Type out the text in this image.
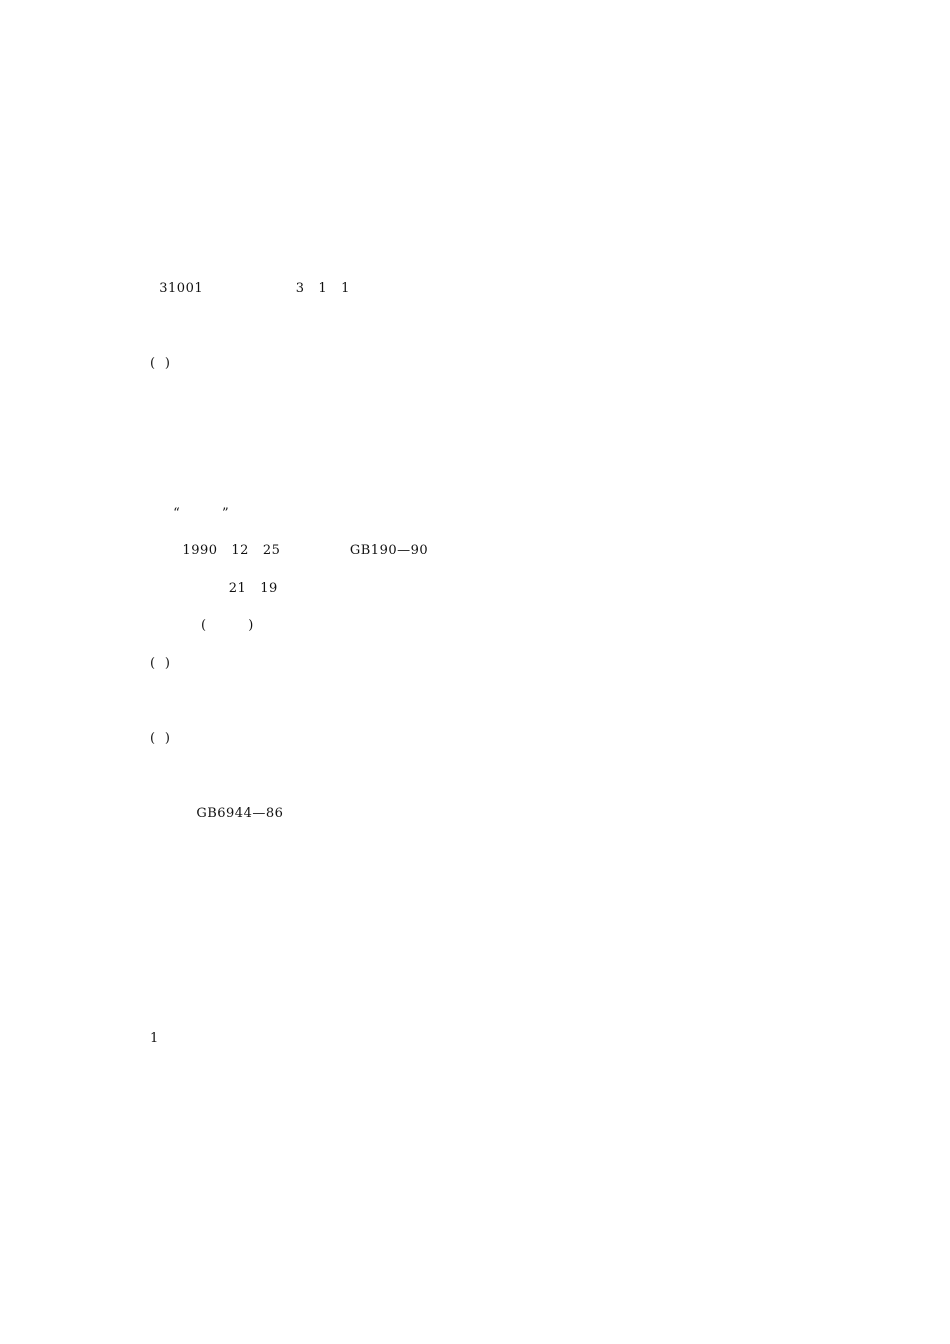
31001                    3   1   1

(  )

“         ”
1990   12   25               GB190—90
21   19
(         )
(  )

(  )

GB6944—86

1
